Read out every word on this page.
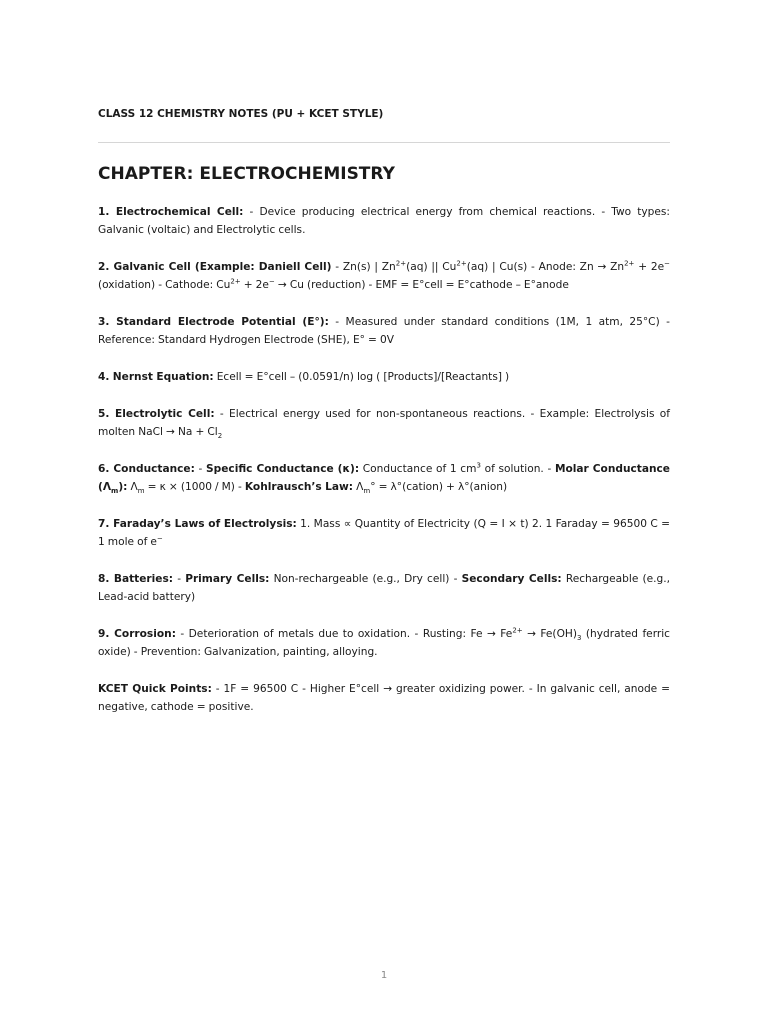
CLASS 12 CHEMISTRY NOTES (PU + KCET STYLE)
CHAPTER: ELECTROCHEMISTRY

1. Electrochemical Cell: - Device producing electrical energy from chemical reactions. - Two types: Galvanic (voltaic) and Electrolytic cells.

2. Galvanic Cell (Example: Daniell Cell) - Zn(s) | $Zn^{2+}(aq)$ || $Cu^{2+}(aq)$ | Cu(s) - Anode: $Zn \to Zn^{2+} + 2e^-$ (oxidation) - Cathode: $Cu^{2+} + 2e^- \to Cu$ (reduction) - EMF = E°cell = E°cathode – E°anode

3. Standard Electrode Potential (E°): - Measured under standard conditions (1M, 1 atm, 25°C) - Reference: Standard Hydrogen Electrode (SHE), E° = 0V

4. Nernst Equation: Ecell = E°cell – (0.0591/n) log ( [Products]/[Reactants] )

5. Electrolytic Cell: - Electrical energy used for non-spontaneous reactions. - Example: Electrolysis of molten NaCl → $Na + Cl_2$

6. Conductance: - Specific Conductance (κ): Conductance of 1 $cm^3$ of solution. - Molar Conductance $(\Lambda_m)$: $\Lambda_m = \kappa \times (1000 / M)$ - Kohlrausch’s Law: $\Lambda_m^\circ$ = λ°(cation) + λ°(anion)

7. Faraday’s Laws of Electrolysis: 1. Mass ∝ Quantity of Electricity (Q = I × t) 2. 1 Faraday = 96500 C = 1 mole of e−

8. Batteries: - Primary Cells: Non-rechargeable (e.g., Dry cell) - Secondary Cells: Rechargeable (e.g., Lead-acid battery)

9. Corrosion: - Deterioration of metals due to oxidation. - Rusting: $Fe \to Fe^{2+} \to Fe(OH)_3$ (hydrated ferric oxide) - Prevention: Galvanization, painting, alloying.

KCET Quick Points: - 1F = 96500 C - Higher E°cell → greater oxidizing power. - In galvanic cell, anode = negative, cathode = positive.

1
